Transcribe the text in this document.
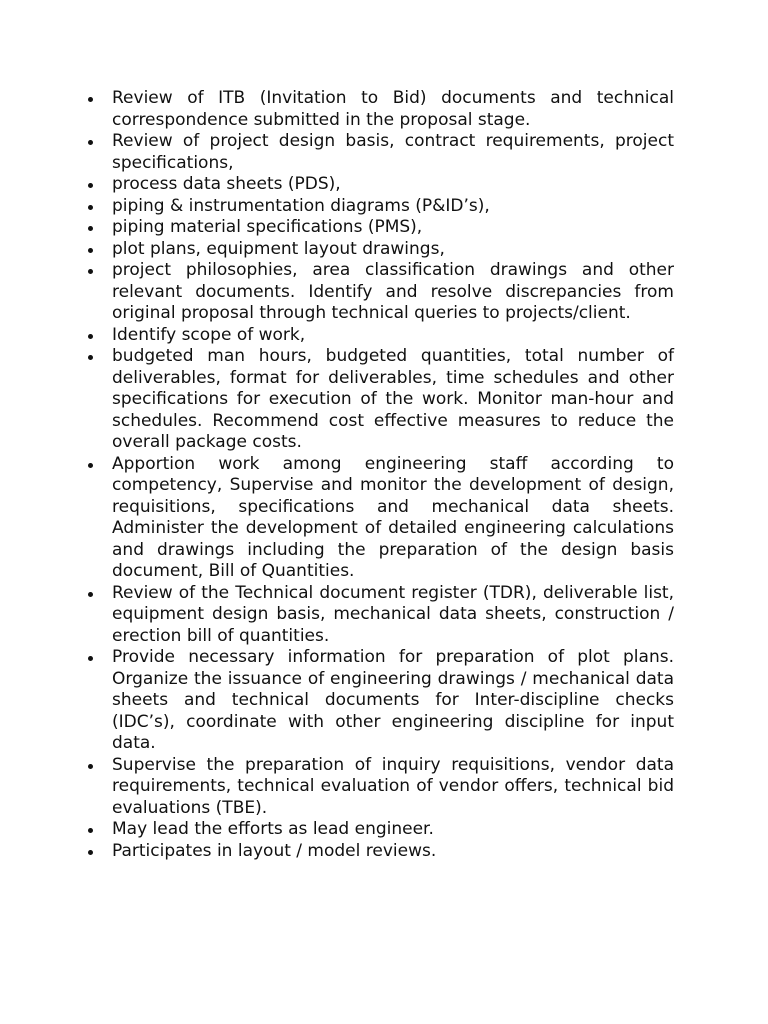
Review of ITB (Invitation to Bid) documents and technical correspondence submitted in the proposal stage.
Review of project design basis, contract requirements, project specifications,
process data sheets (PDS),
piping & instrumentation diagrams (P&ID’s),
piping material specifications (PMS),
plot plans, equipment layout drawings,
project philosophies, area classification drawings and other relevant documents. Identify and resolve discrepancies from original proposal through technical queries to projects/client.
Identify scope of work,
budgeted man hours, budgeted quantities, total number of deliverables, format for deliverables, time schedules and other specifications for execution of the work. Monitor man-hour and schedules. Recommend cost effective measures to reduce the overall package costs.
Apportion work among engineering staff according to competency, Supervise and monitor the development of design, requisitions, specifications and mechanical data sheets. Administer the development of detailed engineering calculations and drawings including the preparation of the design basis document, Bill of Quantities.
Review of the Technical document register (TDR), deliverable list, equipment design basis, mechanical data sheets, construction / erection bill of quantities.
Provide necessary information for preparation of plot plans. Organize the issuance of engineering drawings / mechanical data sheets and technical documents for Inter-discipline checks (IDC’s), coordinate with other engineering discipline for input data.
Supervise the preparation of inquiry requisitions, vendor data requirements, technical evaluation of vendor offers, technical bid evaluations (TBE).
May lead the efforts as lead engineer.
Participates in layout / model reviews.
